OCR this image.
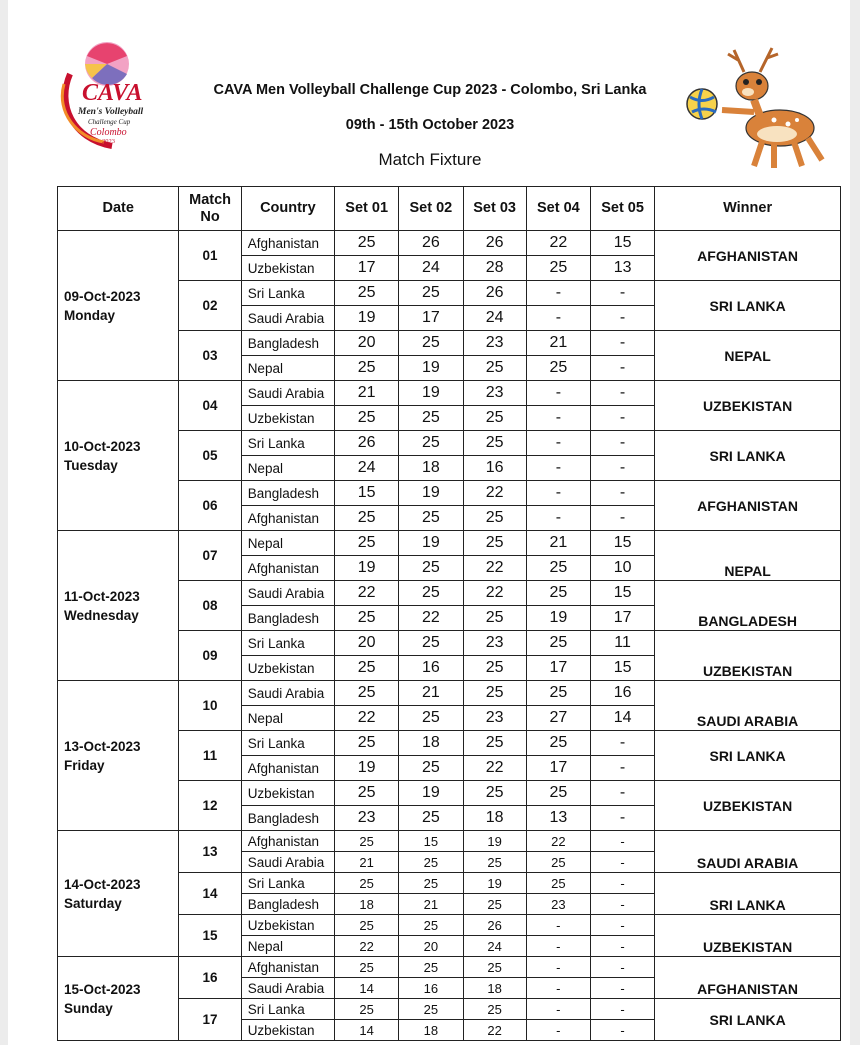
CAVA
Men's Volleyball
Challenge Cup
Colombo
2023
CAVA Men Volleyball Challenge Cup 2023 - Colombo, Sri Lanka
09th - 15th October 2023
Match Fixture
Date	Match No	Country	Set 01	Set 02	Set 03	Set 04	Set 05	Winner

09-Oct-2023
Monday	01	Afghanistan	25	26	26	22	15	AFGHANISTAN
		Uzbekistan	17	24	28	25	13	
	02	Sri Lanka	25	25	26	-	-	SRI LANKA
		Saudi Arabia	19	17	24	-	-	
	03	Bangladesh	20	25	23	21	-	NEPAL
		Nepal	25	19	25	25	-	

10-Oct-2023
Tuesday	04	Saudi Arabia	21	19	23	-	-	UZBEKISTAN
		Uzbekistan	25	25	25	-	-	
	05	Sri Lanka	26	25	25	-	-	SRI LANKA
		Nepal	24	18	16	-	-	
	06	Bangladesh	15	19	22	-	-	AFGHANISTAN
		Afghanistan	25	25	25	-	-	

11-Oct-2023
Wednesday	07	Nepal	25	19	25	21	15	NEPAL
		Afghanistan	19	25	22	25	10	
	08	Saudi Arabia	22	25	22	25	15	BANGLADESH
		Bangladesh	25	22	25	19	17	
	09	Sri Lanka	20	25	23	25	11	UZBEKISTAN
		Uzbekistan	25	16	25	17	15	

13-Oct-2023
Friday	10	Saudi Arabia	25	21	25	25	16	SAUDI ARABIA
		Nepal	22	25	23	27	14	
	11	Sri Lanka	25	18	25	25	-	SRI LANKA
		Afghanistan	19	25	22	17	-	
	12	Uzbekistan	25	19	25	25	-	UZBEKISTAN
		Bangladesh	23	25	18	13	-	

14-Oct-2023
Saturday	13	Afghanistan	25	15	19	22	-	SAUDI ARABIA
		Saudi Arabia	21	25	25	25	-	
	14	Sri Lanka	25	25	19	25	-	SRI LANKA
		Bangladesh	18	21	25	23	-	
	15	Uzbekistan	25	25	26	-	-	UZBEKISTAN
		Nepal	22	20	24	-	-	

15-Oct-2023
Sunday	16	Afghanistan	25	25	25	-	-	AFGHANISTAN
		Saudi Arabia	14	16	18	-	-	
	17	Sri Lanka	25	25	25	-	-	SRI LANKA
		Uzbekistan	14	18	22	-	-	
